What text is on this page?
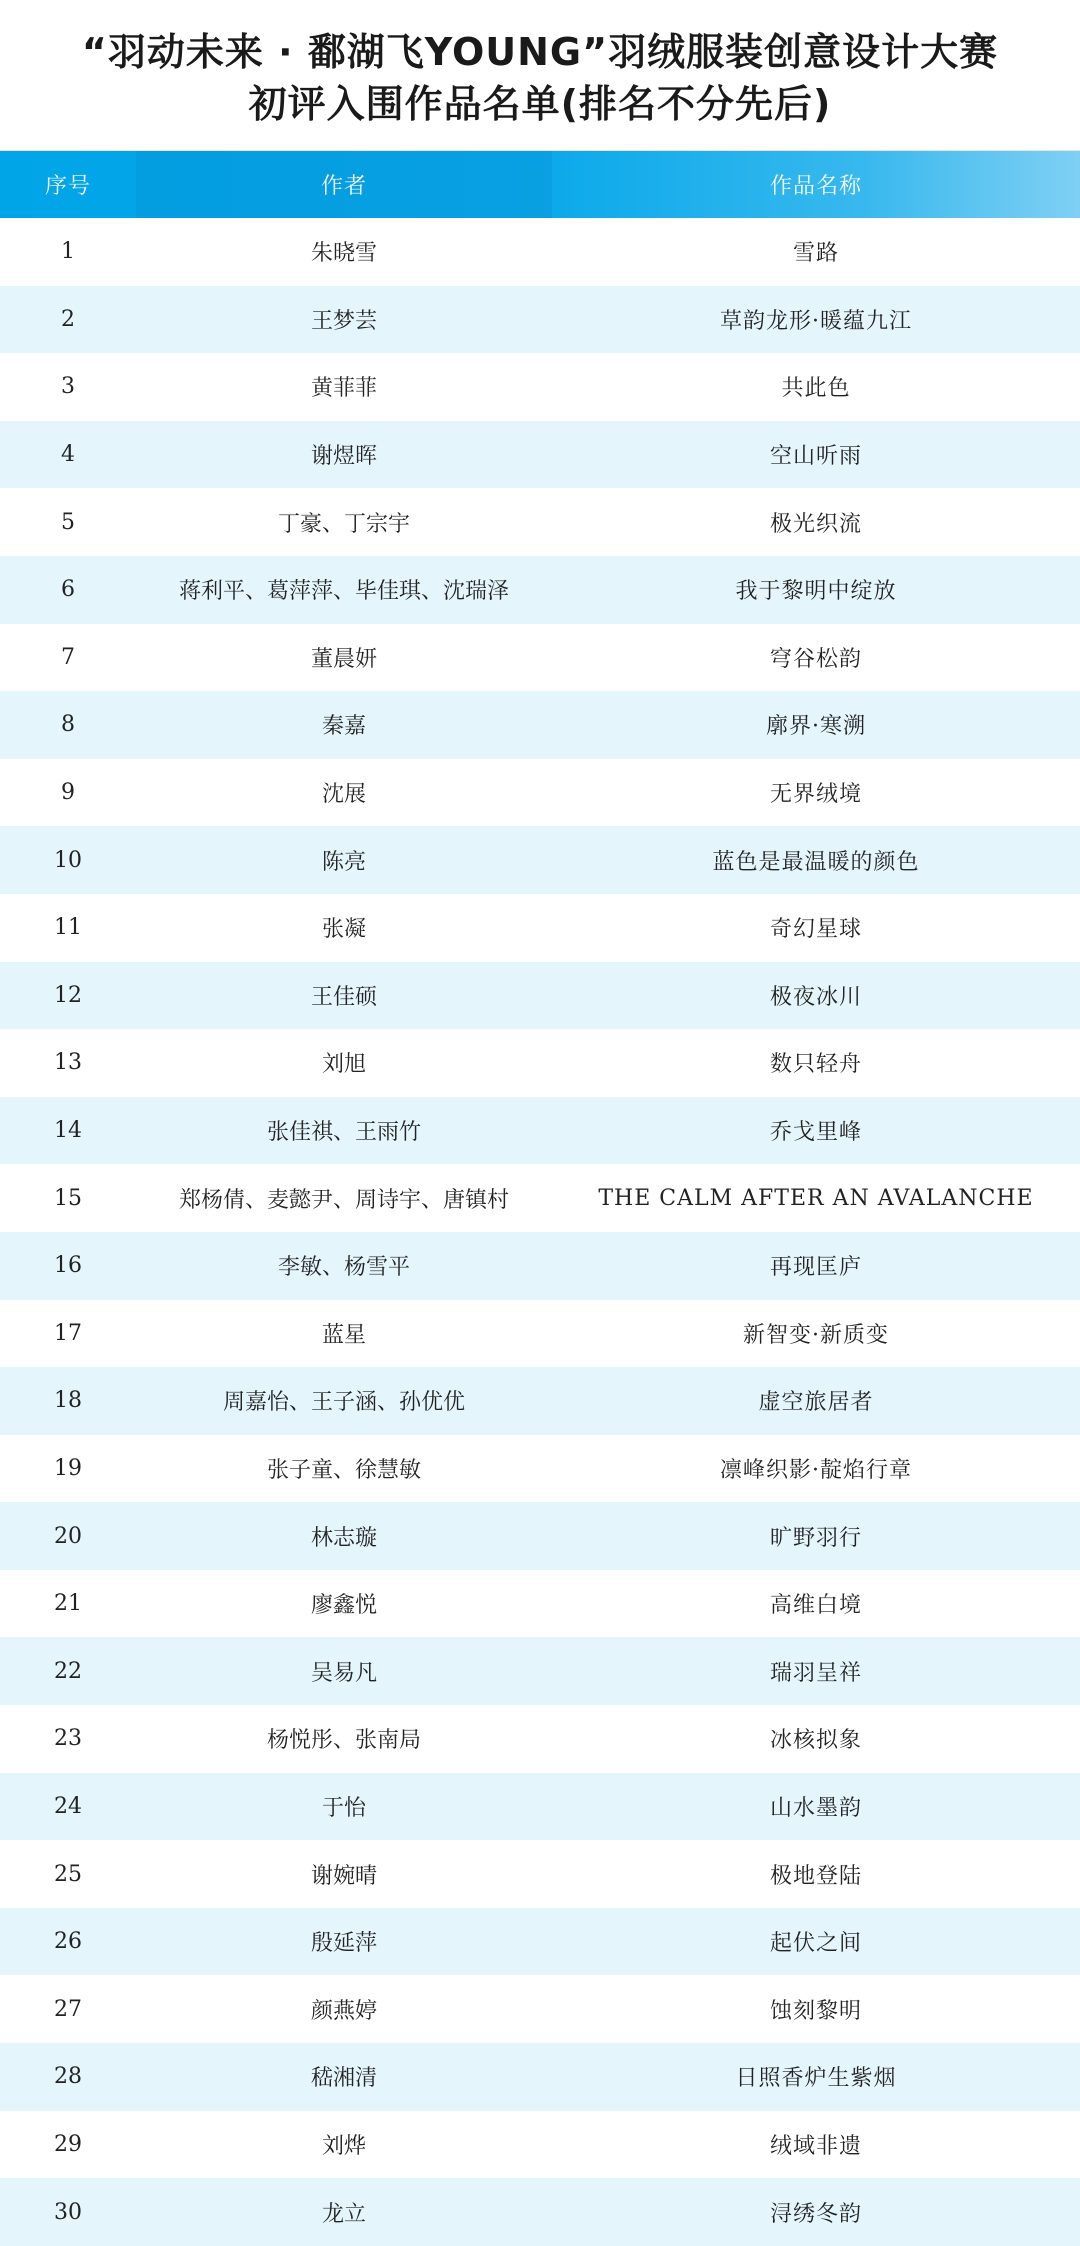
“羽动未来 · 鄱湖飞YOUNG”羽绒服装创意设计大赛
初评入围作品名单(排名不分先后)
序号	作者	作品名称
1	朱晓雪	雪路
2	王梦芸	草韵龙形·暖蕴九江
3	黄菲菲	共此色
4	谢煜晖	空山听雨
5	丁豪、丁宗宇	极光织流
6	蒋利平、葛萍萍、毕佳琪、沈瑞泽	我于黎明中绽放
7	董晨妍	穹谷松韵
8	秦嘉	廓界·寒溯
9	沈展	无界绒境
10	陈亮	蓝色是最温暖的颜色
11	张凝	奇幻星球
12	王佳硕	极夜冰川
13	刘旭	数只轻舟
14	张佳祺、王雨竹	乔戈里峰
15	郑杨倩、麦懿尹、周诗宇、唐镇村	THE CALM AFTER AN AVALANCHE
16	李敏、杨雪平	再现匡庐
17	蓝星	新智变·新质变
18	周嘉怡、王子涵、孙优优	虚空旅居者
19	张子童、徐慧敏	凛峰织影·靛焰行章
20	林志璇	旷野羽行
21	廖鑫悦	高维白境
22	吴易凡	瑞羽呈祥
23	杨悦彤、张南局	冰核拟象
24	于怡	山水墨韵
25	谢婉晴	极地登陆
26	殷延萍	起伏之间
27	颜燕婷	蚀刻黎明
28	嵇湘清	日照香炉生紫烟
29	刘烨	绒域非遗
30	龙立	浔绣冬韵
